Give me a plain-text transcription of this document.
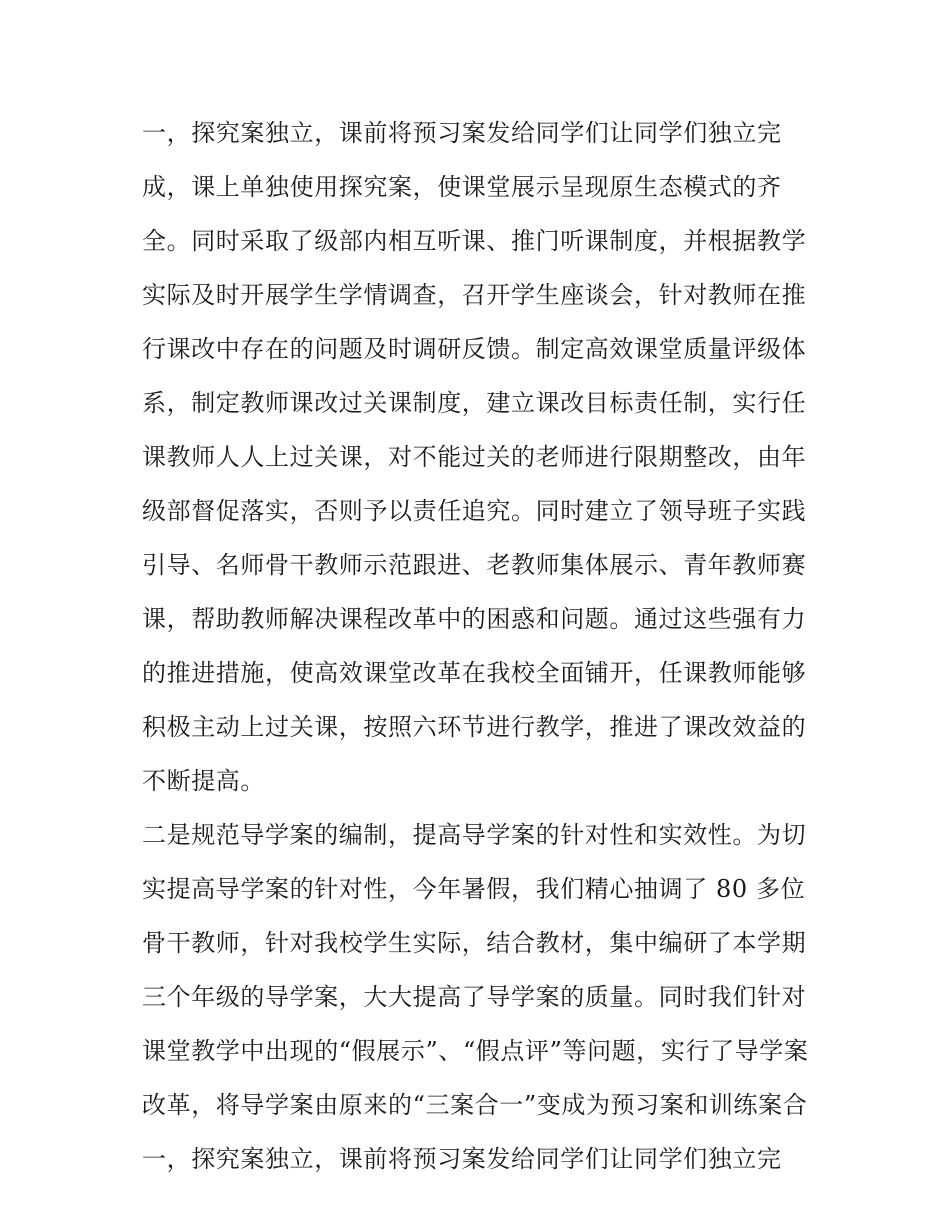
一，探究案独立，课前将预习案发给同学们让同学们独立完
成，课上单独使用探究案，使课堂展示呈现原生态模式的齐
全。同时采取了级部内相互听课、推门听课制度，并根据教学
实际及时开展学生学情调查，召开学生座谈会，针对教师在推
行课改中存在的问题及时调研反馈。制定高效课堂质量评级体
系，制定教师课改过关课制度，建立课改目标责任制，实行任
课教师人人上过关课，对不能过关的老师进行限期整改，由年
级部督促落实，否则予以责任追究。同时建立了领导班子实践
引导、名师骨干教师示范跟进、老教师集体展示、青年教师赛
课，帮助教师解决课程改革中的困惑和问题。通过这些强有力
的推进措施，使高效课堂改革在我校全面铺开，任课教师能够
积极主动上过关课，按照六环节进行教学，推进了课改效益的
不断提高。
二是规范导学案的编制，提高导学案的针对性和实效性。为切
实提高导学案的针对性，今年暑假，我们精心抽调了 80 多位
骨干教师，针对我校学生实际，结合教材，集中编研了本学期
三个年级的导学案，大大提高了导学案的质量。同时我们针对
课堂教学中出现的“假展示”、“假点评”等问题，实行了导学案
改革，将导学案由原来的“三案合一”变成为预习案和训练案合
一，探究案独立，课前将预习案发给同学们让同学们独立完
